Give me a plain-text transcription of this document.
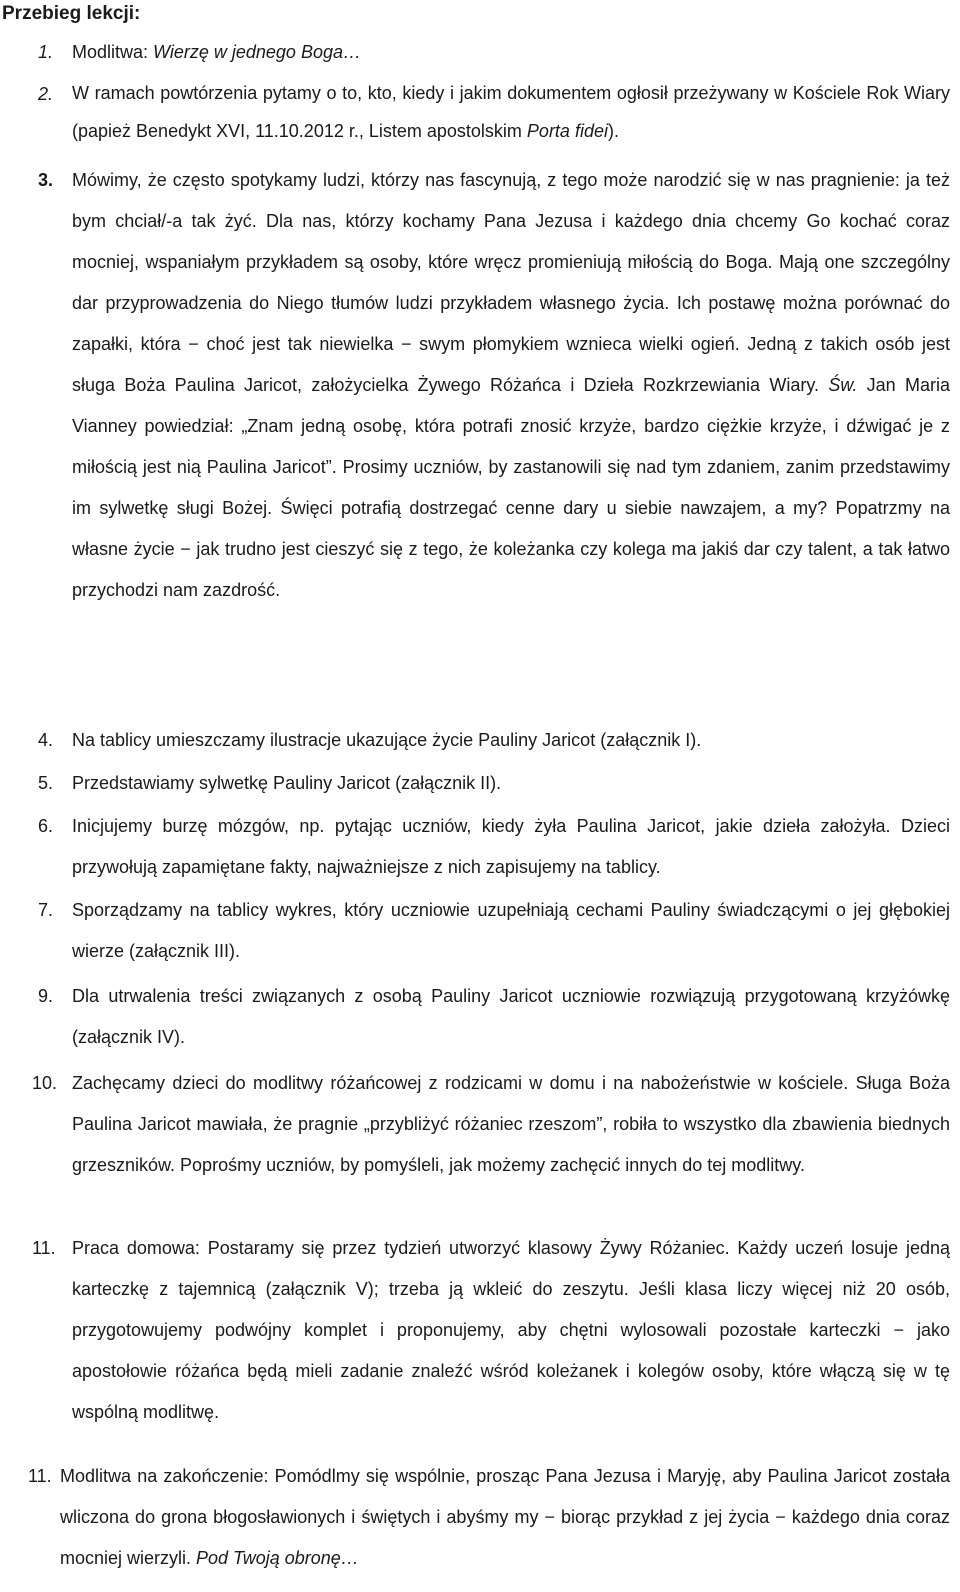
Przebieg lekcji:
1. Modlitwa: Wierzę w jednego Boga…
2. W ramach powtórzenia pytamy o to, kto, kiedy i jakim dokumentem ogłosił przeżywany w Kościele Rok Wiary (papież Benedykt XVI, 11.10.2012 r., Listem apostolskim Porta fidei).
3. Mówimy, że często spotykamy ludzi, którzy nas fascynują, z tego może narodzić się w nas pragnienie: ja też bym chciał/-a tak żyć. Dla nas, którzy kochamy Pana Jezusa i każdego dnia chcemy Go kochać coraz mocniej, wspaniałym przykładem są osoby, które wręcz promieniują miłością do Boga. Mają one szczególny dar przyprowadzenia do Niego tłumów ludzi przykładem własnego życia. Ich postawę można porównać do zapałki, która − choć jest tak niewielka − swym płomykiem wznieca wielki ogień. Jedną z takich osób jest sługa Boża Paulina Jaricot, założycielka Żywego Różańca i Dzieła Rozkrzewiania Wiary. Św. Jan Maria Vianney powiedział: „Znam jedną osobę, która potrafi znosić krzyże, bardzo ciężkie krzyże, i dźwigać je z miłością jest nią Paulina Jaricot”. Prosimy uczniów, by zastanowili się nad tym zdaniem, zanim przedstawimy im sylwetkę sługi Bożej. Święci potrafią dostrzegać cenne dary u siebie nawzajem, a my? Popatrzmy na własne życie − jak trudno jest cieszyć się z tego, że koleżanka czy kolega ma jakiś dar czy talent, a tak łatwo przychodzi nam zazdrość.
4. Na tablicy umieszczamy ilustracje ukazujące życie Pauliny Jaricot (załącznik I).
5. Przedstawiamy sylwetkę Pauliny Jaricot (załącznik II).
6. Inicjujemy burzę mózgów, np. pytając uczniów, kiedy żyła Paulina Jaricot, jakie dzieła założyła. Dzieci przywołują zapamiętane fakty, najważniejsze z nich zapisujemy na tablicy.
7. Sporządzamy na tablicy wykres, który uczniowie uzupełniają cechami Pauliny świadczącymi o jej głębokiej wierze (załącznik III).
9. Dla utrwalenia treści związanych z osobą Pauliny Jaricot uczniowie rozwiązują przygotowaną krzyżówkę (załącznik IV).
10. Zachęcamy dzieci do modlitwy różańcowej z rodzicami w domu i na nabożeństwie w kościele. Sługa Boża Paulina Jaricot mawiała, że pragnie „przybliżyć różaniec rzeszom”, robiła to wszystko dla zbawienia biednych grzeszników. Poprośmy uczniów, by pomyśleli, jak możemy zachęcić innych do tej modlitwy.
11. Praca domowa: Postaramy się przez tydzień utworzyć klasowy Żywy Różaniec. Każdy uczeń losuje jedną karteczkę z tajemnicą (załącznik V); trzeba ją wkleić do zeszytu. Jeśli klasa liczy więcej niż 20 osób, przygotowujemy podwójny komplet i proponujemy, aby chętni wylosowali pozostałe karteczki − jako apostołowie różańca będą mieli zadanie znaleźć wśród koleżanek i kolegów osoby, które włączą się w tę wspólną modlitwę.
11. Modlitwa na zakończenie: Pomódlmy się wspólnie, prosząc Pana Jezusa i Maryję, aby Paulina Jaricot została wliczona do grona błogosławionych i świętych i abyśmy my − biorąc przykład z jej życia − każdego dnia coraz mocniej wierzyli. Pod Twoją obronę…
